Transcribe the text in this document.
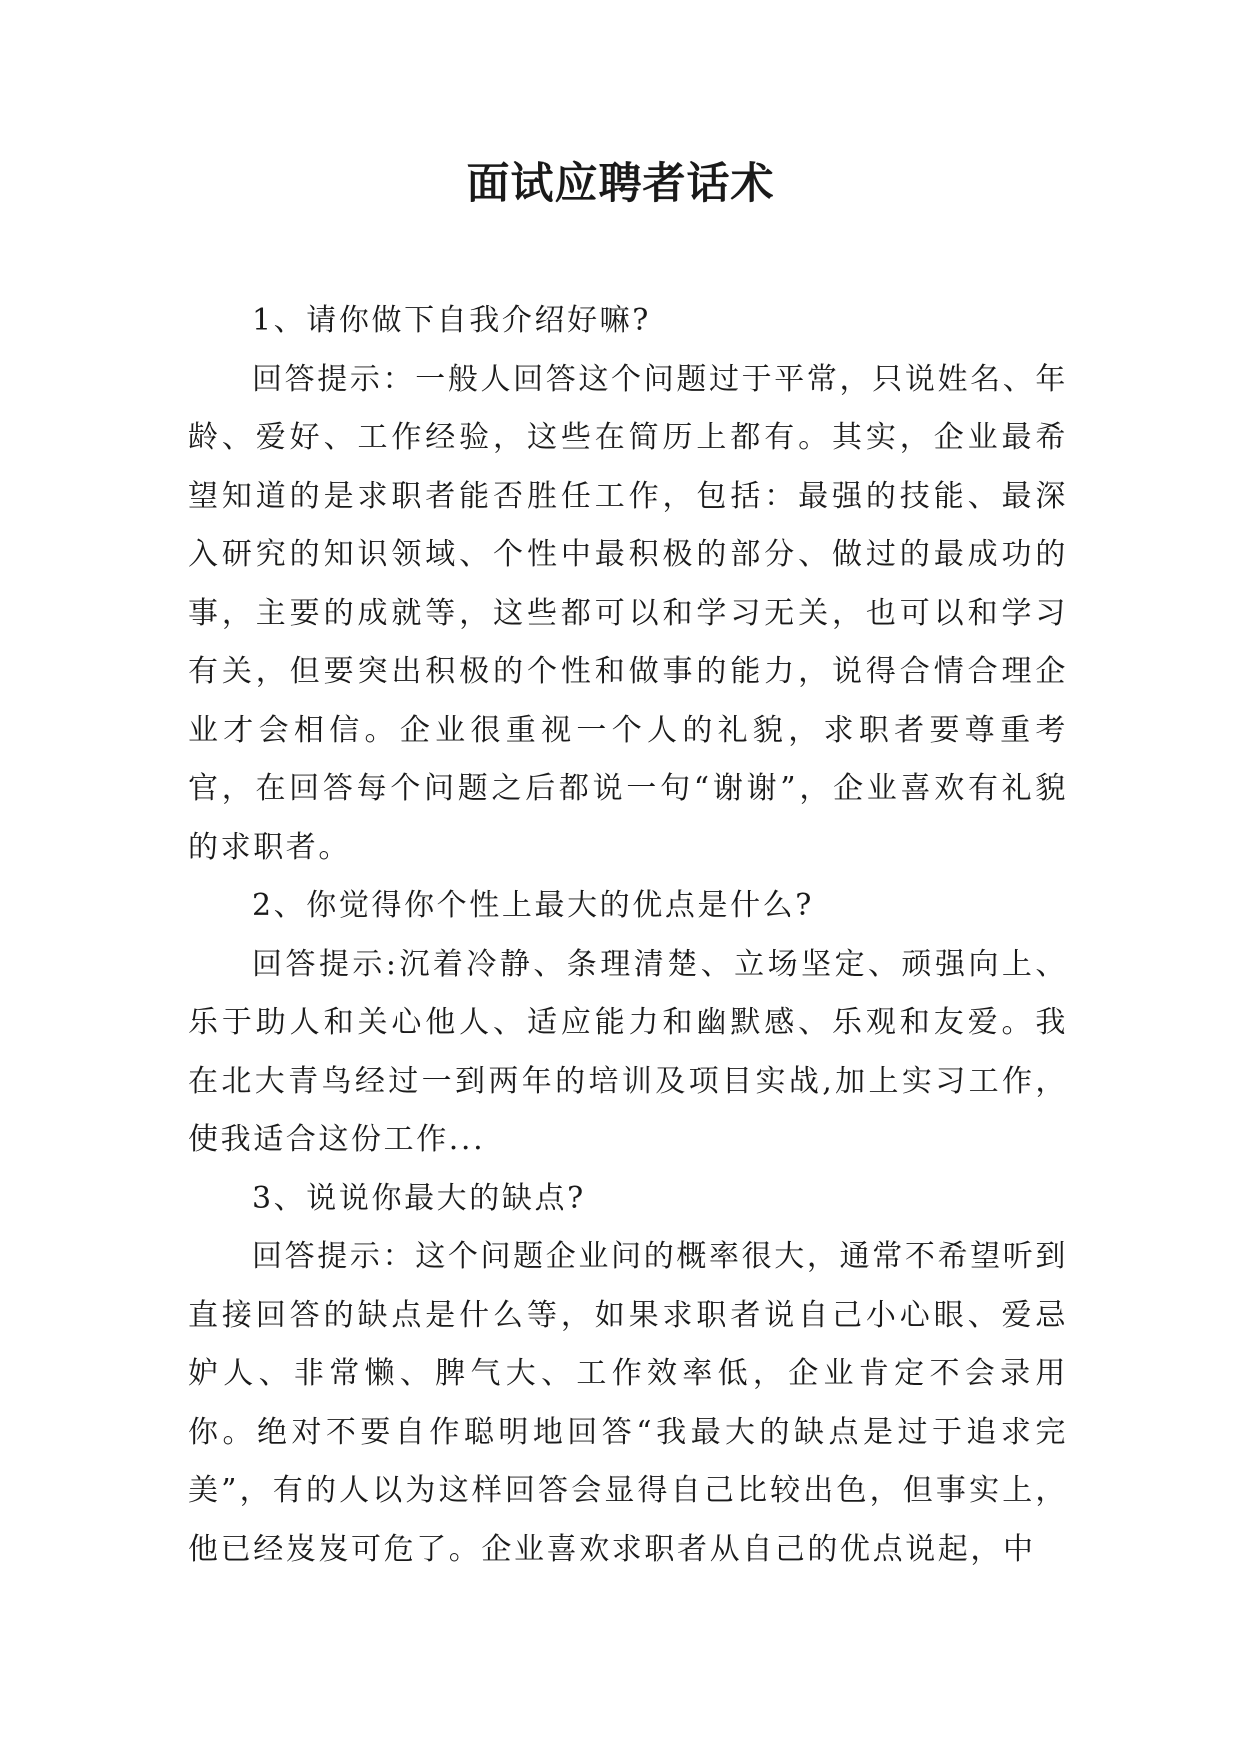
面试应聘者话术

1、请你做下自我介绍好嘛?

回答提示：一般人回答这个问题过于平常，只说姓名、年龄、爱好、工作经验，这些在简历上都有。其实，企业最希望知道的是求职者能否胜任工作，包括：最强的技能、最深入研究的知识领域、个性中最积极的部分、做过的最成功的事，主要的成就等，这些都可以和学习无关，也可以和学习有关，但要突出积极的个性和做事的能力，说得合情合理企业才会相信。企业很重视一个人的礼貌，求职者要尊重考官，在回答每个问题之后都说一句“谢谢”，企业喜欢有礼貌的求职者。

2、你觉得你个性上最大的优点是什么?

回答提示:沉着冷静、条理清楚、立场坚定、顽强向上、乐于助人和关心他人、适应能力和幽默感、乐观和友爱。我在北大青鸟经过一到两年的培训及项目实战,加上实习工作，使我适合这份工作...

3、说说你最大的缺点?

回答提示：这个问题企业问的概率很大，通常不希望听到直接回答的缺点是什么等，如果求职者说自己小心眼、爱忌妒人、非常懒、脾气大、工作效率低，企业肯定不会录用你。绝对不要自作聪明地回答“我最大的缺点是过于追求完美”，有的人以为这样回答会显得自己比较出色，但事实上，他已经岌岌可危了。企业喜欢求职者从自己的优点说起，中
